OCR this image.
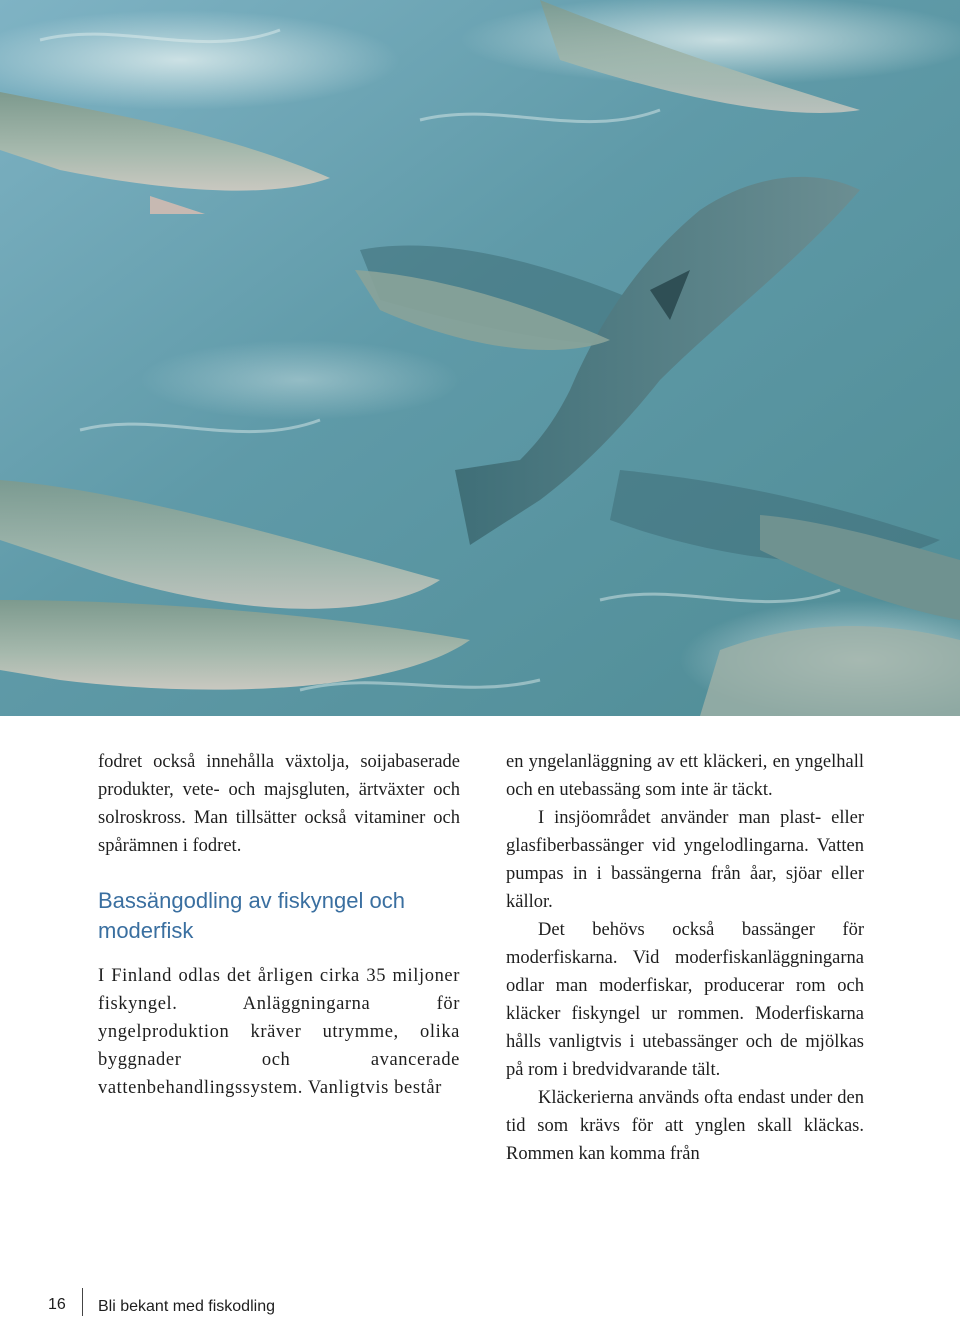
fodret också innehålla växtolja, soijabaserade produkter, vete- och majsgluten, ärtväxter och solroskross. Man tillsätter också vitaminer och spårämnen i fodret.

Bassängodling av fiskyngel och moderfisk

I Finland odlas det årligen cirka 35 miljoner fiskyngel. Anläggningarna för yngelproduktion kräver utrymme, olika byggnader och avancerade vattenbehandlingssystem. Vanligtvis består

en yngelanläggning av ett kläckeri, en yngelhall och en utebassäng som inte är täckt.

I insjöområdet använder man plast- eller glasfiberbassänger vid yngelodlingarna. Vatten pumpas in i bassängerna från åar, sjöar eller källor.

Det behövs också bassänger för moderfiskarna. Vid moderfiskanläggningarna odlar man moderfiskar, producerar rom och kläcker fiskyngel ur rommen. Moderfiskarna hålls vanligtvis i utebassänger och de mjölkas på rom i bredvidvarande tält.

Kläckerierna används ofta endast under den tid som krävs för att ynglen skall kläckas. Rommen kan komma från

16 Bli bekant med fiskodling
